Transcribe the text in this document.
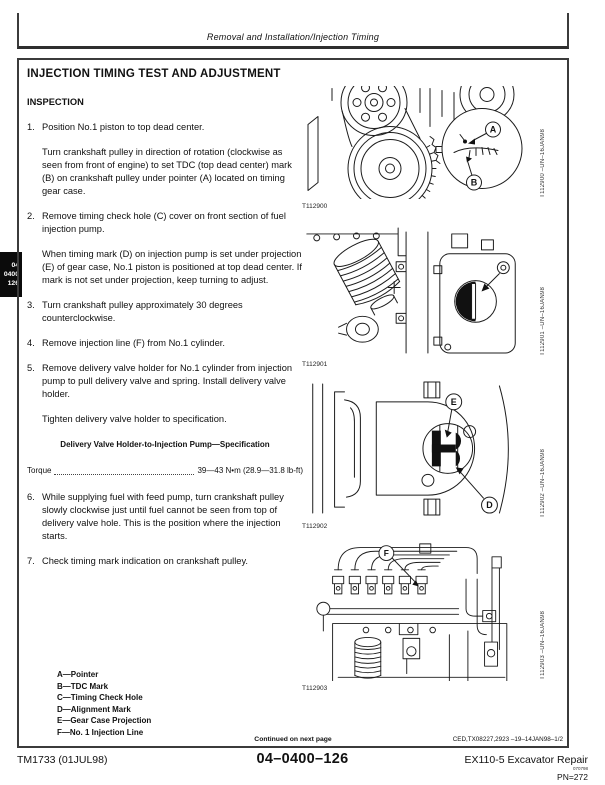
Removal and Installation/Injection Timing
04
0400
126
INJECTION TIMING TEST AND ADJUSTMENT
INSPECTION
1. Position No.1 piston to top dead center.

Turn crankshaft pulley in direction of rotation (clockwise as seen from front of engine) to set TDC (top dead center) mark (B) on crankshaft pulley under pointer (A) located on timing gear case.

2. Remove timing check hole (C) cover on front section of fuel injection pump.

When timing mark (D) on injection pump is set under projection (E) of gear case, No.1 piston is positioned at top dead center. If mark is not set under projection, keep turning to adjust.

3. Turn crankshaft pulley approximately 30 degrees counterclockwise.

4. Remove injection line (F) from No.1 cylinder.

5. Remove delivery valve holder for No.1 cylinder from injection pump to pull delivery valve and spring. Install delivery valve holder.

Tighten delivery valve holder to specification.

Delivery Valve Holder-to-Injection Pump—Specification
Torque	39—43 N•m (28.9—31.8 lb-ft)
6. While supplying fuel with feed pump, turn crankshaft pulley slowly clockwise just until fuel cannot be seen from top of delivery valve hole. This is the position where the injection starts.

7. Check timing mark indication on crankshaft pulley.

A—Pointer
B—TDC Mark
C—Timing Check Hole
D—Alignment Mark
E—Gear Case Projection
F—No. 1 Injection Line
A
B
T112900
T112900 –UN–16JAN98
T112901
T112901 –UN–16JAN98
E
D
T112902
T112902 –UN–16JAN98
F
T112903
T112903 –UN–16JAN98
Continued on next page	CED,TX08227,2923 –19–14JAN98–1/2
TM1733 (01JUL98)	04–0400–126	EX110-5 Excavator Repair
070798
PN=272
